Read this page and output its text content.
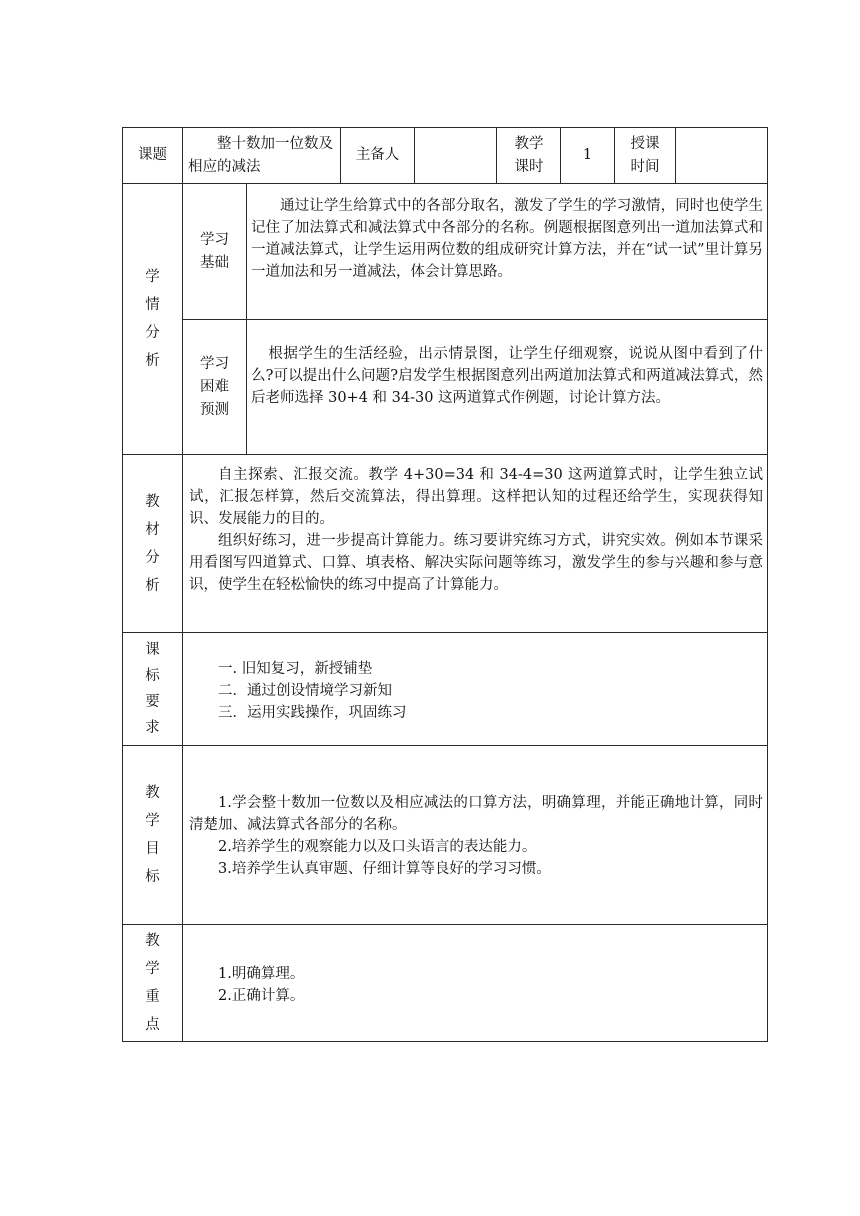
课题
整十数加一位数及相应的减法
主备人
教学课时
1
授课时间
学情分析
学习基础

通过让学生给算式中的各部分取名，激发了学生的学习激情，同时也使学生记住了加法算式和减法算式中各部分的名称。例题根据图意列出一道加法算式和一道减法算式，让学生运用两位数的组成研究计算方法，并在“试一试”里计算另一道加法和另一道减法，体会计算思路。

学习困难预测

根据学生的生活经验，出示情景图，让学生仔细观察，说说从图中看到了什么?可以提出什么问题?启发学生根据图意列出两道加法算式和两道减法算式，然后老师选择 30+4 和 34-30 这两道算式作例题，讨论计算方法。

教材分析

自主探索、汇报交流。教学 4+30=34 和 34-4=30 这两道算式时，让学生独立试试，汇报怎样算，然后交流算法，得出算理。这样把认知的过程还给学生，实现获得知识、发展能力的目的。

组织好练习，进一步提高计算能力。练习要讲究练习方式，讲究实效。例如本节课采用看图写四道算式、口算、填表格、解决实际问题等练习，激发学生的参与兴趣和参与意识，使学生在轻松愉快的练习中提高了计算能力。

课标要求
一. 旧知复习，新授铺垫
二．通过创设情境学习新知
三．运用实践操作，巩固练习
教学目标
1.学会整十数加一位数以及相应减法的口算方法，明确算理，并能正确地计算，同时清楚加、减法算式各部分的名称。
2.培养学生的观察能力以及口头语言的表达能力。
3.培养学生认真审题、仔细计算等良好的学习习惯。
教学重点
1.明确算理。
2.正确计算。
